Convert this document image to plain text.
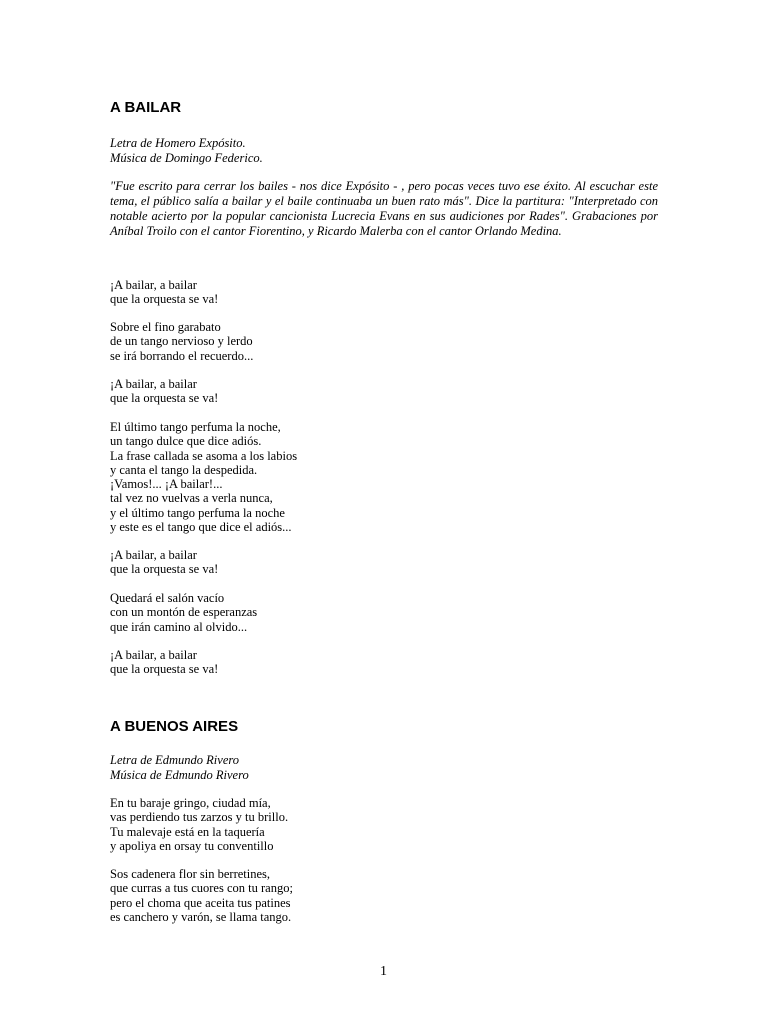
A BAILAR
Letra de Homero Expósito.
Música de Domingo Federico.
"Fue escrito para cerrar los bailes - nos dice Expósito - , pero pocas veces tuvo ese éxito. Al escuchar este tema, el público salía a bailar y el baile continuaba un buen rato más". Dice la partitura: "Interpretado con notable acierto por la popular cancionista Lucrecia Evans en sus audiciones por Rades". Grabaciones por Aníbal Troilo con el cantor Fiorentino, y Ricardo Malerba con el cantor Orlando Medina.
¡A bailar, a bailar
que la orquesta se va!
Sobre el fino garabato
de un tango nervioso y lerdo
se irá borrando el recuerdo...
¡A bailar, a bailar
que la orquesta se va!
El último tango perfuma la noche,
un tango dulce que dice adiós.
La frase callada se asoma a los labios
y canta el tango la despedida.
¡Vamos!... ¡A bailar!...
tal vez no vuelvas a verla nunca,
y el último tango perfuma la noche
y este es el tango que dice el adiós...
¡A bailar, a bailar
que la orquesta se va!
Quedará el salón vacío
con un montón de esperanzas
que irán camino al olvido...
¡A bailar, a bailar
que la orquesta se va!
A BUENOS AIRES
Letra de Edmundo Rivero
Música de Edmundo Rivero
En tu baraje gringo, ciudad mía,
vas perdiendo tus zarzos y tu brillo.
Tu malevaje está en la taquería
y apoliya en orsay tu conventillo
Sos cadenera flor sin berretines,
que curras a tus cuores con tu rango;
pero el choma que aceita tus patines
es canchero y varón, se llama tango.
1
